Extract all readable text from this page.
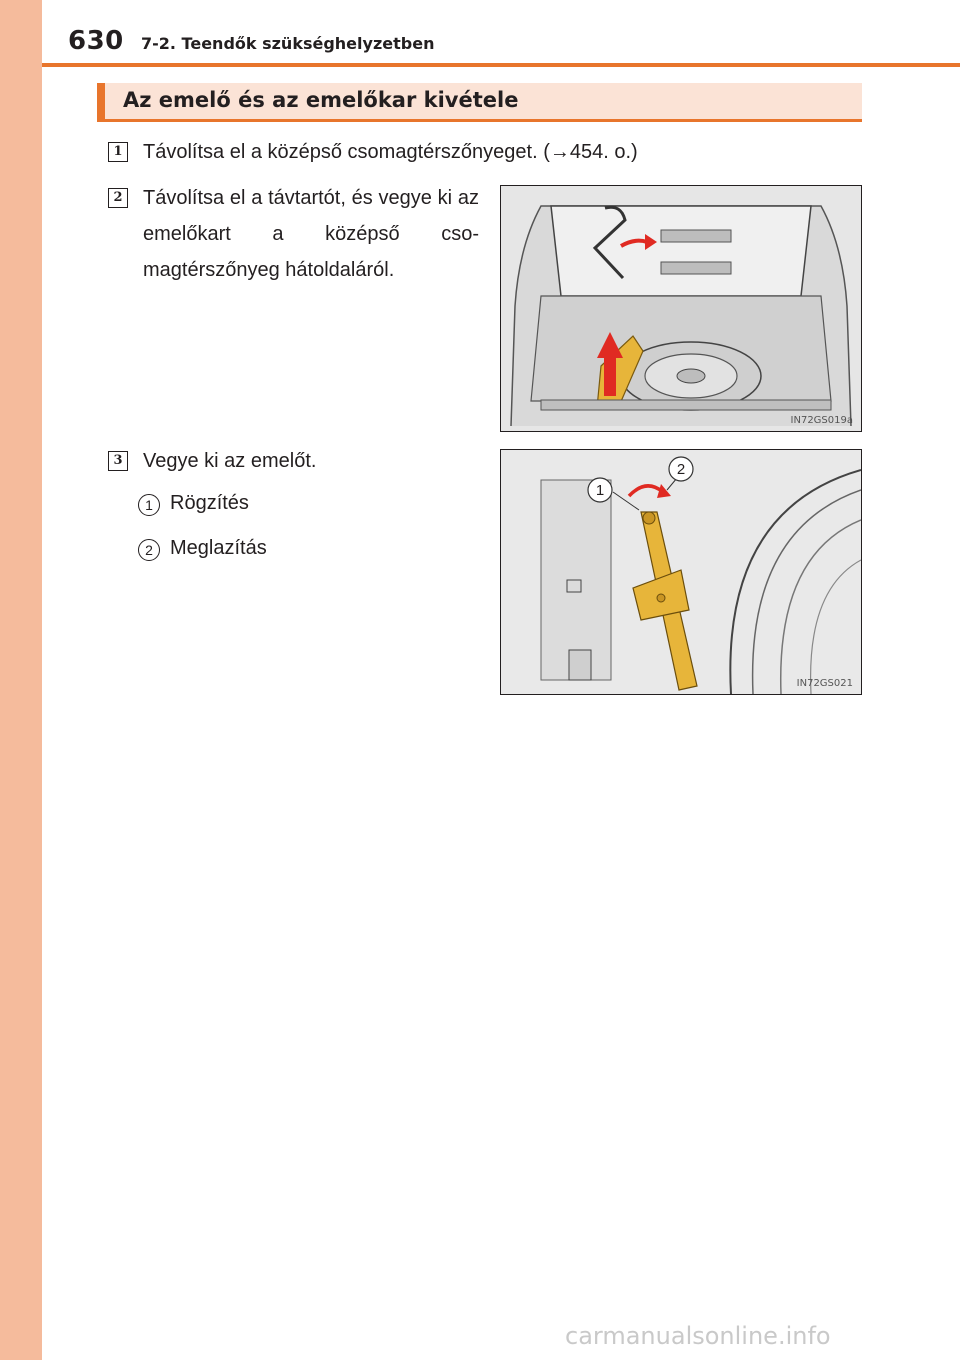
630 7-2. Teendők szükséghelyzetben
Az emelő és az emelőkar kivétele
1 Távolítsa el a középső csomagtérszőnyeget. (→454. o.)
2 Távolítsa el a távtartót, és vegye ki az emelőkart a középső cso-magtérszőnyeg hátoldaláról.
IN72GS019a
3 Vegye ki az emelőt.
1 Rögzítés
2 Meglazítás
1
2
IN72GS021
carmanualsonline.info
